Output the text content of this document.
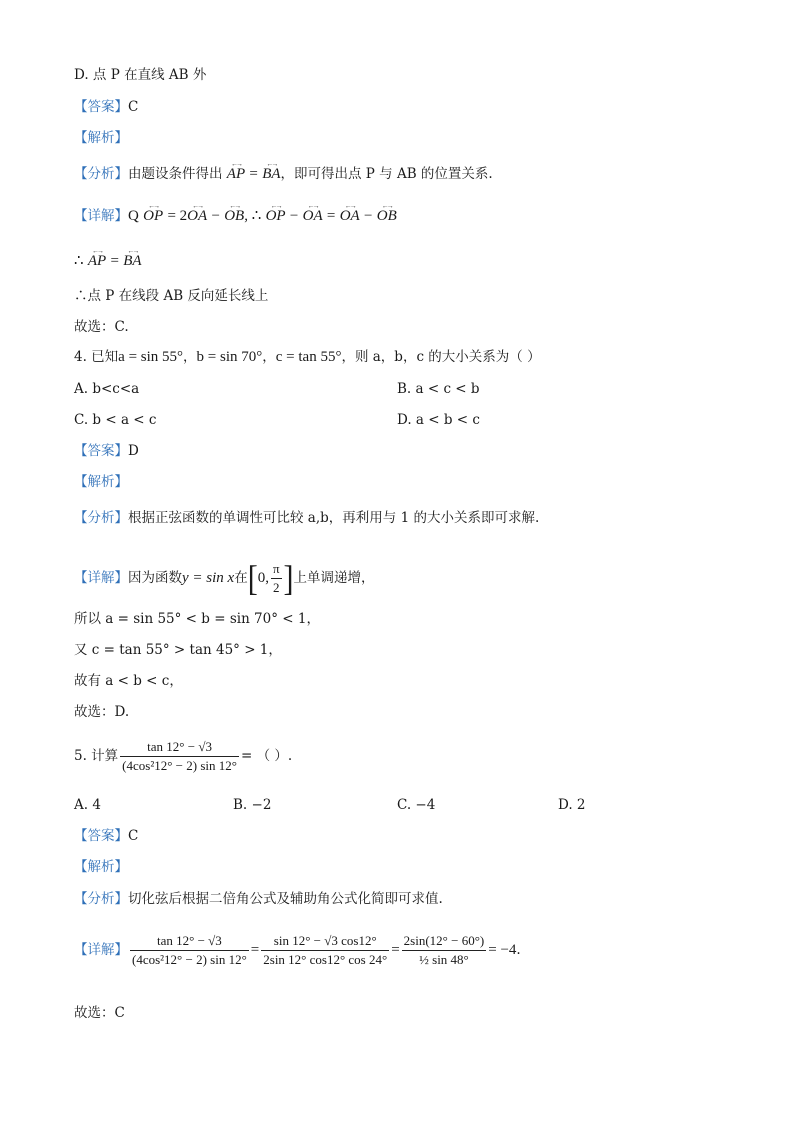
D. 点 P 在直线 AB 外
【答案】C
【解析】
【分析】由题设条件得出 ←→ AP = ←→ BA，即可得出点 P 与 AB 的位置关系.
【详解】Q ←→ OP = 2←→ OA − ←→ OB, ∴ ←→ OP − ←→ OA = ←→ OA − ←→ OB
∴ ←→ AP = ←→ BA
∴点 P 在线段 AB 反向延长线上
故选：C.
4. 已知a = sin 55°，b = sin 70°，c = tan 55°，则 a，b，c 的大小关系为（ ）
A. b<c<a	B. a < c < b
C. b < a < c	D. a < b < c
【答案】D
【解析】
【分析】根据正弦函数的单调性可比较 a,b，再利用与 1 的大小关系即可求解.
【详解】因为函数y = sin x在[0, $\frac{\pi}{2}$ ]上单调递增，
所以 a = sin 55° < b = sin 70° < 1，
又 c = tan 55° > tan 45° > 1，
故有 a < b < c，
故选：D.
5. 计算 $\frac{\tan 12^\circ - √3}{\text{(4cos²12° − 2) sin 12°}}$ = （ ）.
A. 4	B. −2	C. −4	D. 2
【答案】C
【解析】
【分析】切化弦后根据二倍角公式及辅助角公式化简即可求值.
【详解】 $\frac{\tan 12^\circ - √3}{\text{(4cos²12° − 2) sin 12°}} = \frac{\sin 12^\circ - √3 \cos 12^\circ}{2\sin 12^\circ \cos 12^\circ \cos 24^\circ} = \frac{2\sin(12^\circ - 60^\circ)}{\text{½ sin 48°}} = -4$.
故选：C
